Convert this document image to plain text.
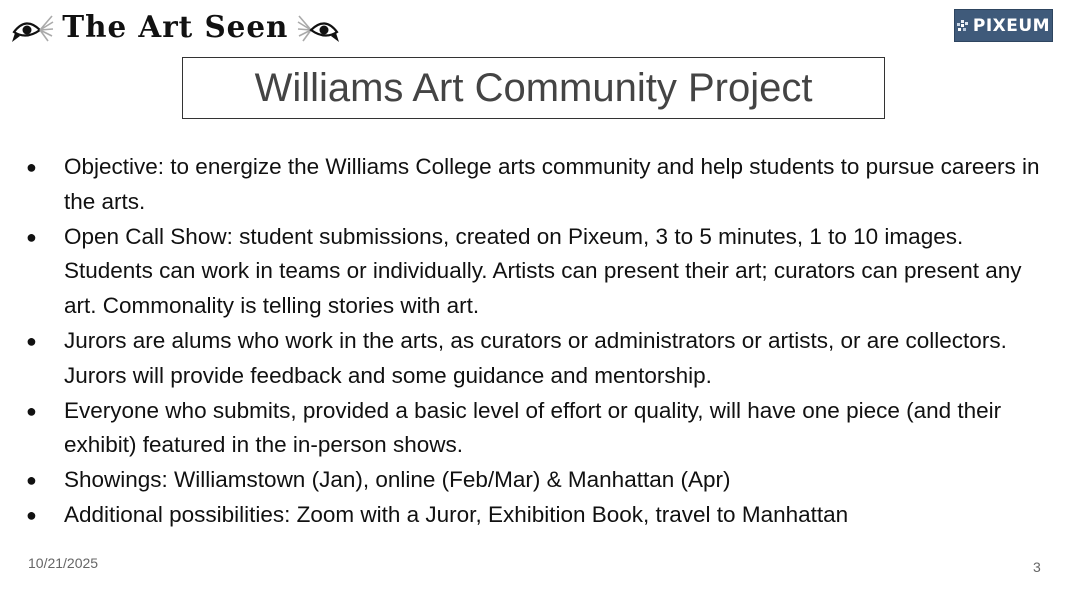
The Art Seen	PIXEUM
Williams Art Community Project
● Objective: to energize the Williams College arts community and help students to pursue careers in the arts.
● Open Call Show: student submissions, created on Pixeum, 3 to 5 minutes, 1 to 10 images. Students can work in teams or individually. Artists can present their art; curators can present any art. Commonality is telling stories with art.
● Jurors are alums who work in the arts, as curators or administrators or artists, or are collectors. Jurors will provide feedback and some guidance and mentorship.
● Everyone who submits, provided a basic level of effort or quality, will have one piece (and their exhibit) featured in the in-person shows.
● Showings: Williamstown (Jan), online (Feb/Mar) & Manhattan (Apr)
● Additional possibilities: Zoom with a Juror, Exhibition Book, travel to Manhattan
10/21/2025	3
